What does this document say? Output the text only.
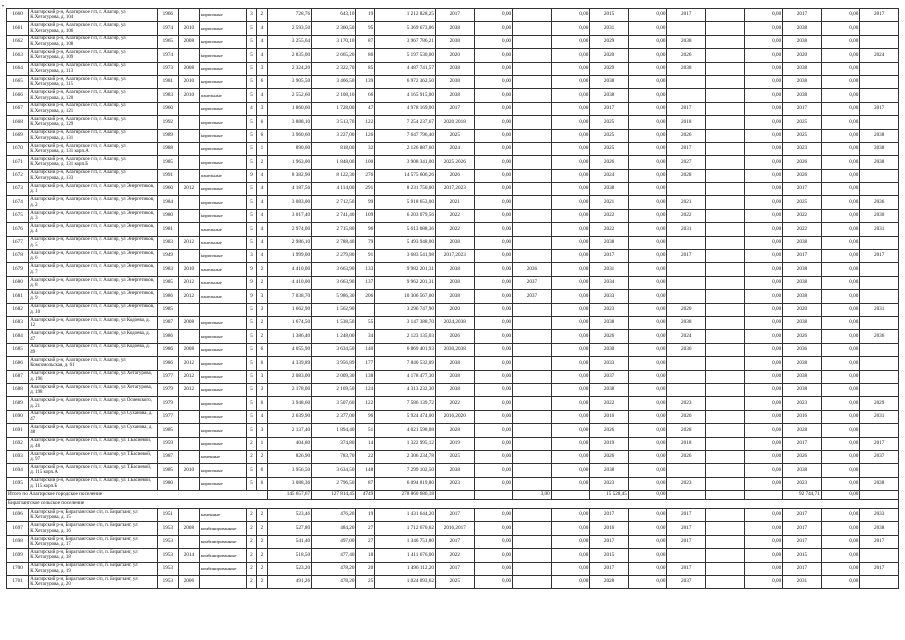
•
1660	Алагирский р-н, Алагирское г/п, г. Алагир, ул К.Хетагурова, д. 104	1966		кирпичные	3	2	728,76	643,10	19	1 212 828,25	2017	0,00		0,00	2015	0,00	2017		0,00	2017	0,00	2017
1661	Алагирский р-н, Алагирское г/п, г. Алагир, ул К.Хетагурова, д. 106	1974	2010	кирпичные	5	4	2 593,50	2 360,50	95	5 369 673,06	2038	0,00		0,00	2031	0,00			0,00	2038	0,00	
1662	Алагирский р-н, Алагирское г/п, г. Алагир, ул К.Хетагурова, д. 108	1965	2008	кирпичные	5	4	3 255,64	3 170,10	87	3 967 786,21	2038	0,00		0,00	2029	0,00	2038		0,00	2038	0,00	
1663	Алагирский р-н, Алагирское г/п, г. Алагир, ул К.Хетагурова, д. 109	1974		кирпичные	5	4	2 835,00	2 665,20	86	5 197 530,00	2020	0,00		0,00	2020	0,00	2026		0,00	2020	0,00	2024
1664	Алагирский р-н, Алагирское г/п, г. Алагир, ул К.Хетагурова, д. 113	1973	2008	кирпичные	5	3	2 324,20	2 322,70	85	4 487 741,57	2038	0,00		0,00	2029	0,00	2038		0,00	2038	0,00	
1665	Алагирский р-н, Алагирское г/п, г. Алагир, ул К.Хетагурова, д. 115	1981	2010	кирпичные	5	6	3 905,50	3 466,50	139	6 972 362,50	2038	0,00		0,00	2038	0,00			0,00	2038	0,00	
1666	Алагирский р-н, Алагирское г/п, г. Алагир, ул К.Хетагурова, д. 120	1983	2010	панельные	5	4	2 552,60	2 108,10	66	4 165 915,00	2038	0,00		0,00	2038	0,00			0,00	2038	0,00	
1667	Алагирский р-н, Алагирское г/п, г. Алагир, ул К.Хетагурова, д. 121	1960		кирпичные	4	3	1 860,60	1 728,00	47	4 978 169,00	2017	0,00		0,00	2017	0,00	2017		0,00	2017	0,00	2017
1668	Алагирский р-н, Алагирское г/п, г. Алагир, ул К.Хетагурова, д. 129	1992		кирпичные	5	6	3 888,10	3 513,70	122	7 254 237,67	2020 2018	0,00		0,00	2025	0,00	2018		0,00	2025	0,00	
1669	Алагирский р-н, Алагирское г/п, г. Алагир, ул К.Хетагурова, д. 131	1989		кирпичные	5	6	3 960,60	3 227,00	126	7 647 796,40	2025	0,00		0,00	2025	0,00	2026		0,00	2025	0,00	2038
1670	Алагирский р-н, Алагирское г/п, г. Алагир, ул К.Хетагурова, д. 131 корп.А	1988		кирпичные	5	1	890,00	818,00	32	2 126 887,60	2024	0,00		0,00	2025	0,00	2017		0,00	2023	0,00	2038
1671	Алагирский р-н, Алагирское г/п, г. Алагир, ул К.Хетагурова, д. 131 корп.Б	1985		кирпичные	5	2	1 963,00	1 848,00	100	3 908 341,00	2025 2026	0,00		0,00	2026	0,00	2027		0,00	2026	0,00	2038
1672	Алагирский р-н, Алагирское г/п, г. Алагир, ул К.Хетагурова, д. 133	1991		панельные	9	4	8 382,90	8 122,30	276	14 575 606,26	2026	0,00		0,00	2024	0,00	2028		0,00	2026	0,00	
1673	Алагирский р-н, Алагирское г/п, г. Алагир, ул Энергетиков, д. 1	1960	2012	кирпичные	5	4	4 187,56	4 114,00	291	8 231 750,00	2017,2023	0,00		0,00	2038	0,00			0,00	2017	0,00	
1674	Алагирский р-н, Алагирское г/п, г. Алагир, ул Энергетиков, д. 2	1984		кирпичные	5	4	3 083,00	2 712,50	99	5 918 653,00	2021	0,00		0,00	2021	0,00	2021		0,00	2025	0,00	2036
1675	Алагирский р-н, Алагирское г/п, г. Алагир, ул Энергетиков, д. 3	1980		кирпичные	5	4	3 017,40	2 741,40	109	6 203 079,56	2022	0,00		0,00	2022	0,00	2022		0,00	2022	0,00	2030
1676	Алагирский р-н, Алагирское г/п, г. Алагир, ул Энергетиков, д. 4	1981		панельные	5	4	2 974,00	2 715,80	96	5 613 088,36	2022	0,00		0,00	2022	0,00	2031		0,00	2022	0,00	2031
1677	Алагирский р-н, Алагирское г/п, г. Алагир, ул Энергетиков, д. 5	1983	2012	панельные	5	4	2 986,10	2 788,40	79	5 493 948,00	2038	0,00		0,00	2038	0,00			0,00	2038	0,00	
1678	Алагирский р-н, Алагирское г/п, г. Алагир, ул Энергетиков, д. 6	1949		кирпичные	3	4	1 999,00	2 279,80	91	3 683 541,98	2017,2023	0,00		0,00	2017	0,00	2017		0,00	2017	0,00	2017
1679	Алагирский р-н, Алагирское г/п, г. Алагир, ул Энергетиков, д. 7	1983	2010	панельные	9	2	4 410,00	3 663,90	133	9 982 201,31	2038	0,00	2036	0,00	2031	0,00			0,00	2038	0,00	
1680	Алагирский р-н, Алагирское г/п, г. Алагир, ул Энергетиков, д. 8	1985	2012	панельные	9	2	4 410,00	3 663,90	137	9 962 201,31	2038	0,00	2037	0,00	2034	0,00			0,00	2038	0,00	
1681	Алагирский р-н, Алагирское г/п, г. Алагир, ул Энергетиков, д. 9	1986	2012	панельные	9	3	7 038,70	5 986,30	206	10 306 567,00	2038	0,00	2037	0,00	2033	0,00			0,00	2038	0,00	
1682	Алагирский р-н, Алагирское г/п, г. Алагир, ул Энергетиков, д. 10	1985			5	3	1 662,90	1 562,90		3 296 747,90	2020	0,00		0,00	2023	0,00	2020		0,00	2020	0,00	2031
1683	Алагирский р-н, Алагирское г/п, г. Алагир, ул Кодоева, д. 12	1987	2008	кирпичные	5	2	1 674,50	1 538,50	55	3 147 388,70	2024,2038	0,00		0,00	2038	0,00	2038		0,00	2038	0,00	
1684	Алагирский р-н, Алагирское г/п, г. Алагир, ул Кодоева, д. 47	1986		кирпичные	5	2	1 386,40	1 248,00	34	2 123 135,03	2026	0,00		0,00	2026	0,00	2024		0,00	2026	0,00	2036
1685	Алагирский р-н, Алагирское г/п, г. Алагир, ул Кодоева, д. 49	1986	2008	кирпичные	5	6	4 055,90	3 634,50	140	6 869 401,93	2030,2038	0,00		0,00	2030	0,00	2036		0,00	2036	0,00	
1686	Алагирский р-н, Алагирское г/п, г. Алагир, ул Комсомольская, д. 61	1986	2012	кирпичные	5	6	4 339,89	3 956,89	177	7 840 532,09	2038	0,00		0,00	2033	0,00			0,00	2038	0,00	
1687	Алагирский р-н, Алагирское г/п, г. Алагир, ул Хетагурова, д. 196	1977	2012	кирпичные	5	3	2 083,00	2 009,30	138	4 178 477,30	2038	0,00		0,00	2037	0,00			0,00	2038	0,00	
1688	Алагирский р-н, Алагирское г/п, г. Алагир, ул Хетагурова, д. 198	1979	2012	кирпичные	5	3	2 178,00	2 169,50	124	4 313 232,30	2038	0,00		0,00	2038	0,00			0,00	2038	0,00	
1689	Алагирский р-н, Алагирское г/п, г. Алагир, ул Осиевского, д. 21	1979		кирпичные	5	6	3 948,60	3 507,60	122	7 586 139,72	2022	0,00		0,00	2022	0,00	2023		0,00	2023	0,00	2029
1690	Алагирский р-н, Алагирское г/п, г. Алагир, ул Суханова, д. 47	1977		кирпичные	5	4	2 639,90	2 377,00	96	5 924 474,00	2016,2020	0,00		0,00	2016	0,00	2020		0,00	2016	0,00	2031
1691	Алагирский р-н, Алагирское г/п, г. Алагир, ул Суханова, д. 48	1985		кирпичные	5	3	2 137,40	1 894,40	51	4 021 598,08	2028	0,00		0,00	2026	0,00	2028		0,00	2028	0,00	
1692	Алагирский р-н, Алагирское г/п, г. Алагир, ул Т.Басиевой, д. 48	1959		кирпичные	2	1	404,80	374,80	14	1 322 995,12	2019	0,00		0,00	2019	0,00	2018		0,00	2017	0,00	2017
1693	Алагирский р-н, Алагирское г/п, г. Алагир, ул Т.Басиевой, д. 97	1987		каменные	2	2	826,90	783,70	22	2 306 234,78	2025	0,00		0,00	2026	0,00	2026		0,00	2026	0,00	2037
1694	Алагирский р-н, Алагирское г/п, г. Алагир, ул Т.Басиевой, д. 115 корп.А	1985	2010	кирпичные	5	6	3 956,50	3 634,50	148	7 299 102,50	2038	0,00		0,00	2038	0,00			0,00	2038	0,00	
1695	Алагирский р-н, Алагирское г/п, г. Алагир, ул Т.Басиевой, д. 115 корп.Б	1980		кирпичные	5	6	3 088,36	2 796,50	87	6 094 819,80	2023	0,00		0,00	2023	0,00	2023		0,00	2023	0,00	2038
Итого по Алагирское городское поселение							145 657,67	127 814,45	4749	278 860 686,18			3,00		15 528,45	0,00				92 744,71	0,00	
Бирагзангское сельское поселение																						
1696	Алагирский р-н, Бирагзангское с/п, п. Бирагзанг, ул К.Хетагурова, д. 15	1951		каменные	2	2	523,46	476,20	19	1 431 644,20	2017	0,00		0,00	2017	0,00	2017		0,00	2017	0,00	2033
1697	Алагирский р-н, Бирагзангское с/п, п. Бирагзанг, ул К.Хетагурова, д. 16	1953	2008	комбинированные	2	2	527,80	484,20	27	1 712 670,62	2016,2017	0,00		0,00	2016	0,00	2017		0,00	2017	0,00	2038
1698	Алагирский р-н, Бирагзангское с/п, п. Бирагзанг, ул К.Хетагурова, д. 17	1953		комбинированные	2	2	541,40	497,00	27	1 346 751,80	2017	0,00		0,00	2017	0,00	2017		0,00	2017	0,00	2017
1699	Алагирский р-н, Бирагзангское с/п, п. Бирагзанг, ул К.Хетагурова, д. 18	1953	2014	комбинированные	2	2	518,50	477,40	18	1 411 676,00	2022	0,00		0,00	2015	0,00			0,00	2015	0,00	
1700	Алагирский р-н, Бирагзангское с/п, п. Бирагзанг, ул К.Хетагурова, д. 19	1953		комбинированные	2	2	523,20	478,20	20	1 496 112,20	2017	0,00		0,00	2017	0,00	2017		0,00	2017	0,00	2017
1701	Алагирский р-н, Бирагзангское с/п, п. Бирагзанг, ул К.Хетагурова, д. 20	1953	2006		2	2	491,26	478,20	25	1 024 093,62	2025	0,00		0,00	2028	0,00	2037		0,00	2031	0,00	
